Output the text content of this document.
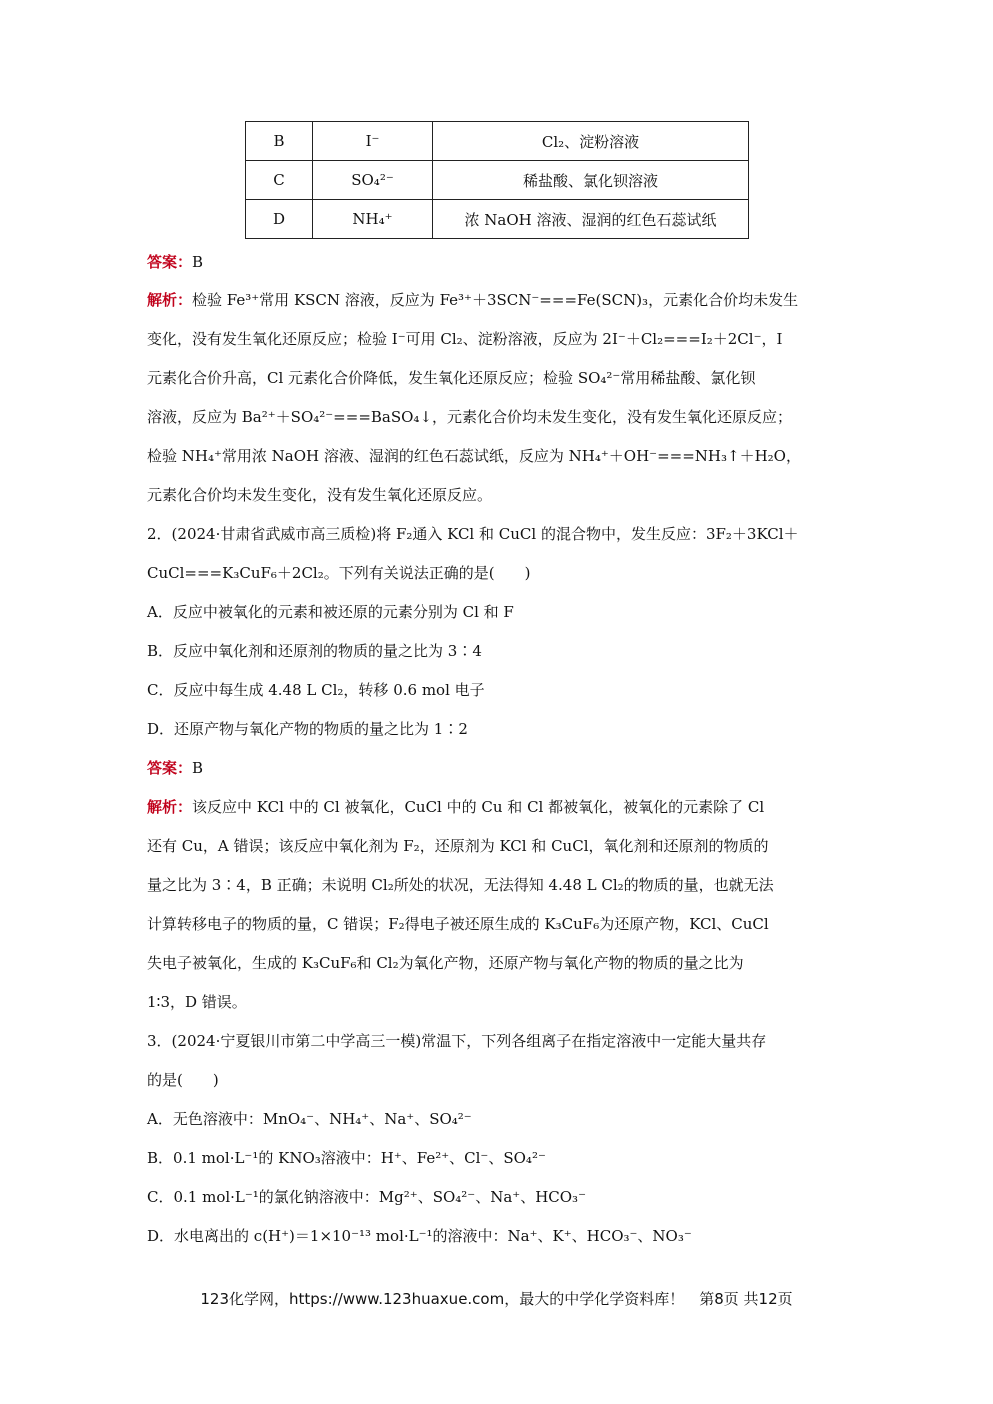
B	I⁻	Cl₂、淀粉溶液
C	SO₄²⁻	稀盐酸、氯化钡溶液
D	NH₄⁺	浓 NaOH 溶液、湿润的红色石蕊试纸
答案：B
解析：检验 Fe³⁺常用 KSCN 溶液，反应为 Fe³⁺＋3SCN⁻===Fe(SCN)₃，元素化合价均未发生
变化，没有发生氧化还原反应；检验 I⁻可用 Cl₂、淀粉溶液，反应为 2I⁻＋Cl₂===I₂＋2Cl⁻，I
元素化合价升高，Cl 元素化合价降低，发生氧化还原反应；检验 SO₄²⁻常用稀盐酸、氯化钡
溶液，反应为 Ba²⁺＋SO₄²⁻===BaSO₄↓，元素化合价均未发生变化，没有发生氧化还原反应；
检验 NH₄⁺常用浓 NaOH 溶液、湿润的红色石蕊试纸，反应为 NH₄⁺＋OH⁻===NH₃↑＋H₂O，
元素化合价均未发生变化，没有发生氧化还原反应。
2．(2024·甘肃省武威市高三质检)将 F₂通入 KCl 和 CuCl 的混合物中，发生反应：3F₂＋3KCl＋
CuCl===K₃CuF₆＋2Cl₂。下列有关说法正确的是(　　)
A．反应中被氧化的元素和被还原的元素分别为 Cl 和 F
B．反应中氧化剂和还原剂的物质的量之比为 3∶4
C．反应中每生成 4.48 L Cl₂，转移 0.6 mol 电子
D．还原产物与氧化产物的物质的量之比为 1∶2
答案：B
解析：该反应中 KCl 中的 Cl 被氧化，CuCl 中的 Cu 和 Cl 都被氧化，被氧化的元素除了 Cl
还有 Cu，A 错误；该反应中氧化剂为 F₂，还原剂为 KCl 和 CuCl，氧化剂和还原剂的物质的
量之比为 3∶4，B 正确；未说明 Cl₂所处的状况，无法得知 4.48 L Cl₂的物质的量，也就无法
计算转移电子的物质的量，C 错误；F₂得电子被还原生成的 K₃CuF₆为还原产物，KCl、CuCl
失电子被氧化，生成的 K₃CuF₆和 Cl₂为氧化产物，还原产物与氧化产物的物质的量之比为
1∶3，D 错误。
3．(2024·宁夏银川市第二中学高三一模)常温下，下列各组离子在指定溶液中一定能大量共存
的是(　　)
A．无色溶液中：MnO₄⁻、NH₄⁺、Na⁺、SO₄²⁻
B．0.1 mol·L⁻¹的 KNO₃溶液中：H⁺、Fe²⁺、Cl⁻、SO₄²⁻
C．0.1 mol·L⁻¹的氯化钠溶液中：Mg²⁺、SO₄²⁻、Na⁺、HCO₃⁻
D．水电离出的 c(H⁺)＝1×10⁻¹³ mol·L⁻¹的溶液中：Na⁺、K⁺、HCO₃⁻、NO₃⁻
123化学网，https://www.123huaxue.com，最大的中学化学资料库！　第8页 共12页
